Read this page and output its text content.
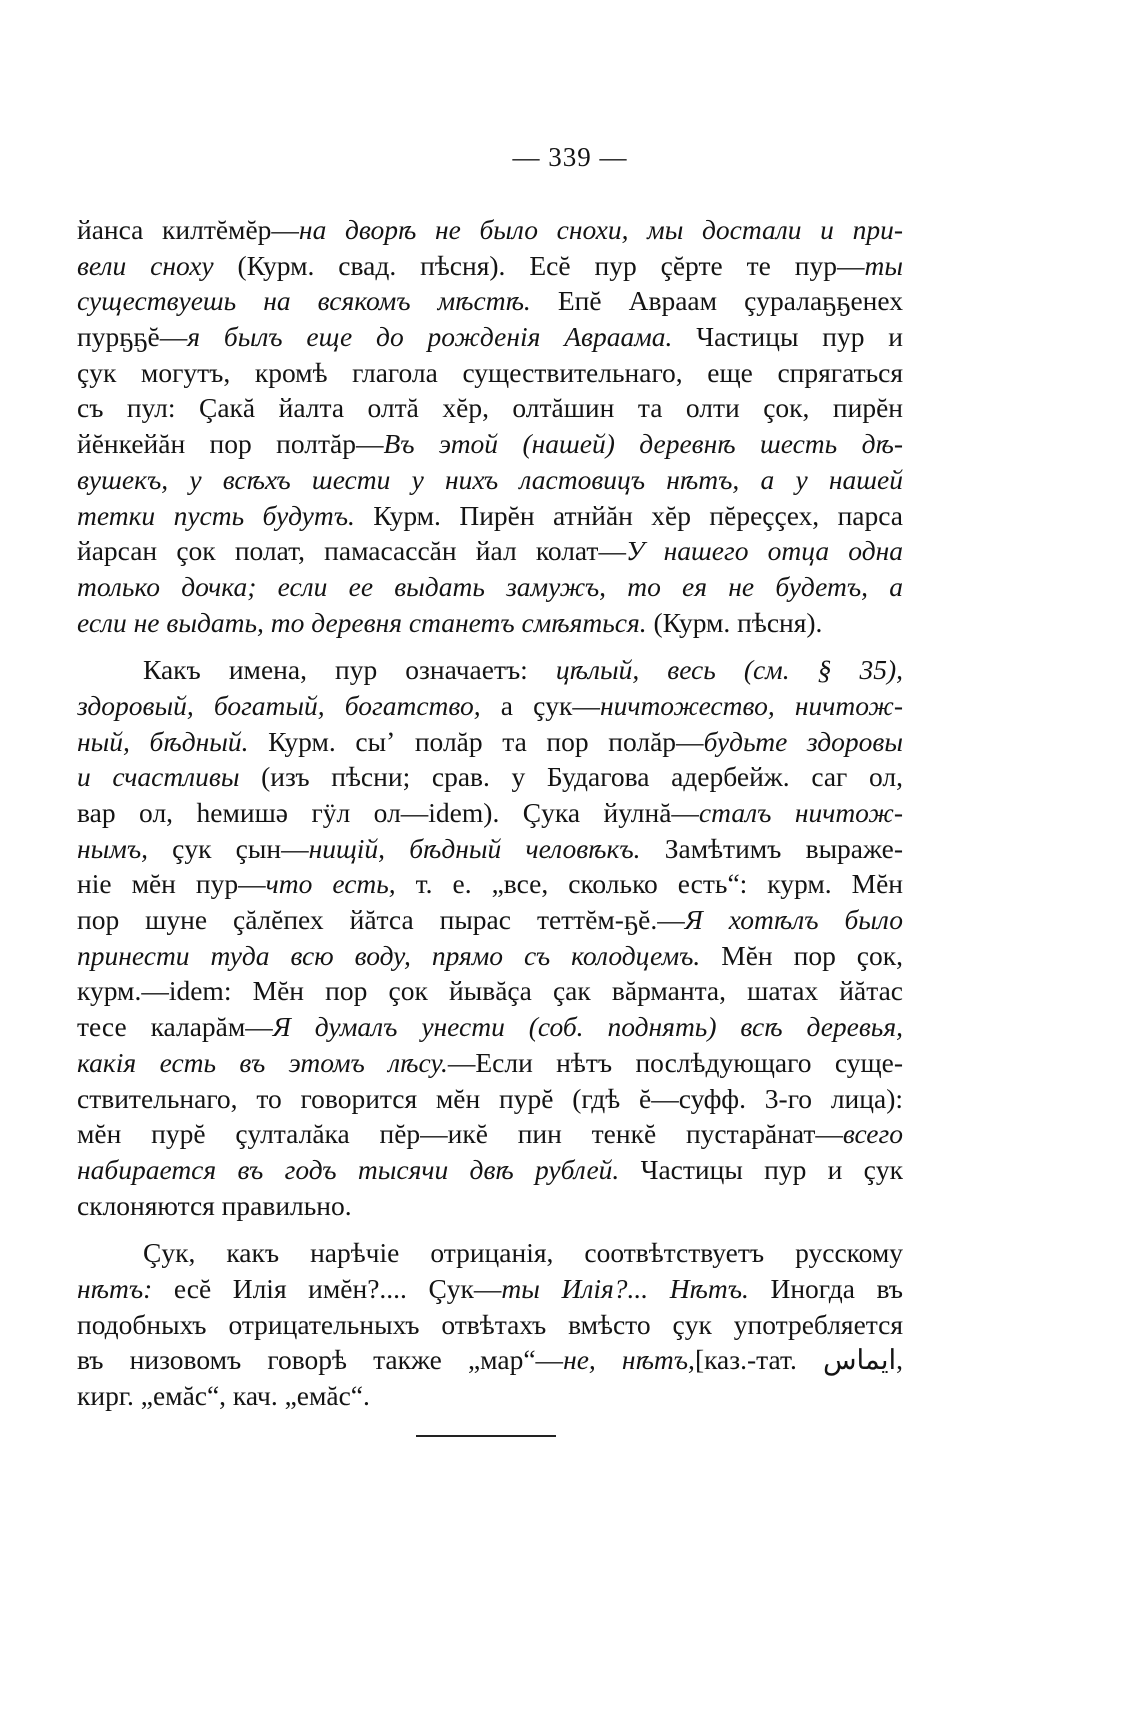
— 339 —
йанса килтĕмĕр—на дворѣ не было снохи, мы достали и при-
вели сноху (Курм. свад. пѣсня). Есĕ пур çĕрте те пур—ты
существуешь на всякомъ мѣстѣ. Епĕ Авраам çуралаҕҕенех
пурҕҕĕ—я былъ еще до рожденія Авраама. Частицы пур и
çук могутъ, кромѣ глагола существительнаго, еще спрягаться
съ пул: Çакă йалта олтă хĕр, олтăшин та олти çок, пирĕн
йĕнкейăн пор полтăр—Въ этой (нашей) деревнѣ шесть дѣ-
вушекъ, у всѣхъ шести у нихъ ластовицъ нѣтъ, а у нашей
тетки пусть будутъ. Курм. Пирĕн атнйăн хĕр пĕреççех, парса
йарсан çок полат, памасассăн йал колат—У нашего отца одна
только дочка; если ее выдать замужъ, то ея не будетъ, а
если не выдать, то деревня станетъ смѣяться. (Курм. пѣсня).
Какъ имена, пур означаетъ: цѣлый, весь (см. § 35),
здоровый, богатый, богатство, а çук—ничтожество, ничтож-
ный, бѣдный. Курм. сыʼ полăр та пор полăр—будьте здоровы
и счастливы (изъ пѣсни; срав. у Будагова адербейж. саг ол,
вар ол, һемишə гӱл ол—idem). Çука йулнă—сталъ ничтож-
нымъ, çук çын—нищій, бѣдный человѣкъ. Замѣтимъ выраже-
ніе мĕн пур—что есть, т. е. „все, сколько есть“: курм. Мĕн
пор шуне çăлĕпех йăтса пырас теттĕм-ҕĕ.—Я хотѣлъ было
принести туда всю воду, прямо съ колодцемъ. Мĕн пор çок,
курм.—idem: Мĕн пор çок йывăçа çак вăрманта, шатах йăтас
тесе каларăм—Я думалъ унести (соб. поднять) всѣ деревья,
какія есть въ этомъ лѣсу.—Если нѣтъ послѣдующаго суще-
ствительнаго, то говорится мĕн пурĕ (гдѣ ĕ—суфф. 3-го лица):
мĕн пурĕ çулталăка пĕр—икĕ пин тенкĕ пустарăнат—всего
набирается въ годъ тысячи двѣ рублей. Частицы пур и çук
склоняются правильно.
Çук, какъ нарѣчіе отрицанія, соотвѣтствуетъ русскому
нѣтъ: есĕ Илія имĕн?.... Çук—ты Илія?... Нѣтъ. Иногда въ
подобныхъ отрицательныхъ отвѣтахъ вмѣсто çук употребляется
въ низовомъ говорѣ также „мар“—не, нѣтъ,[каз.-тат. ایماس,
кирг. „емăс“, кач. „емăс“.
